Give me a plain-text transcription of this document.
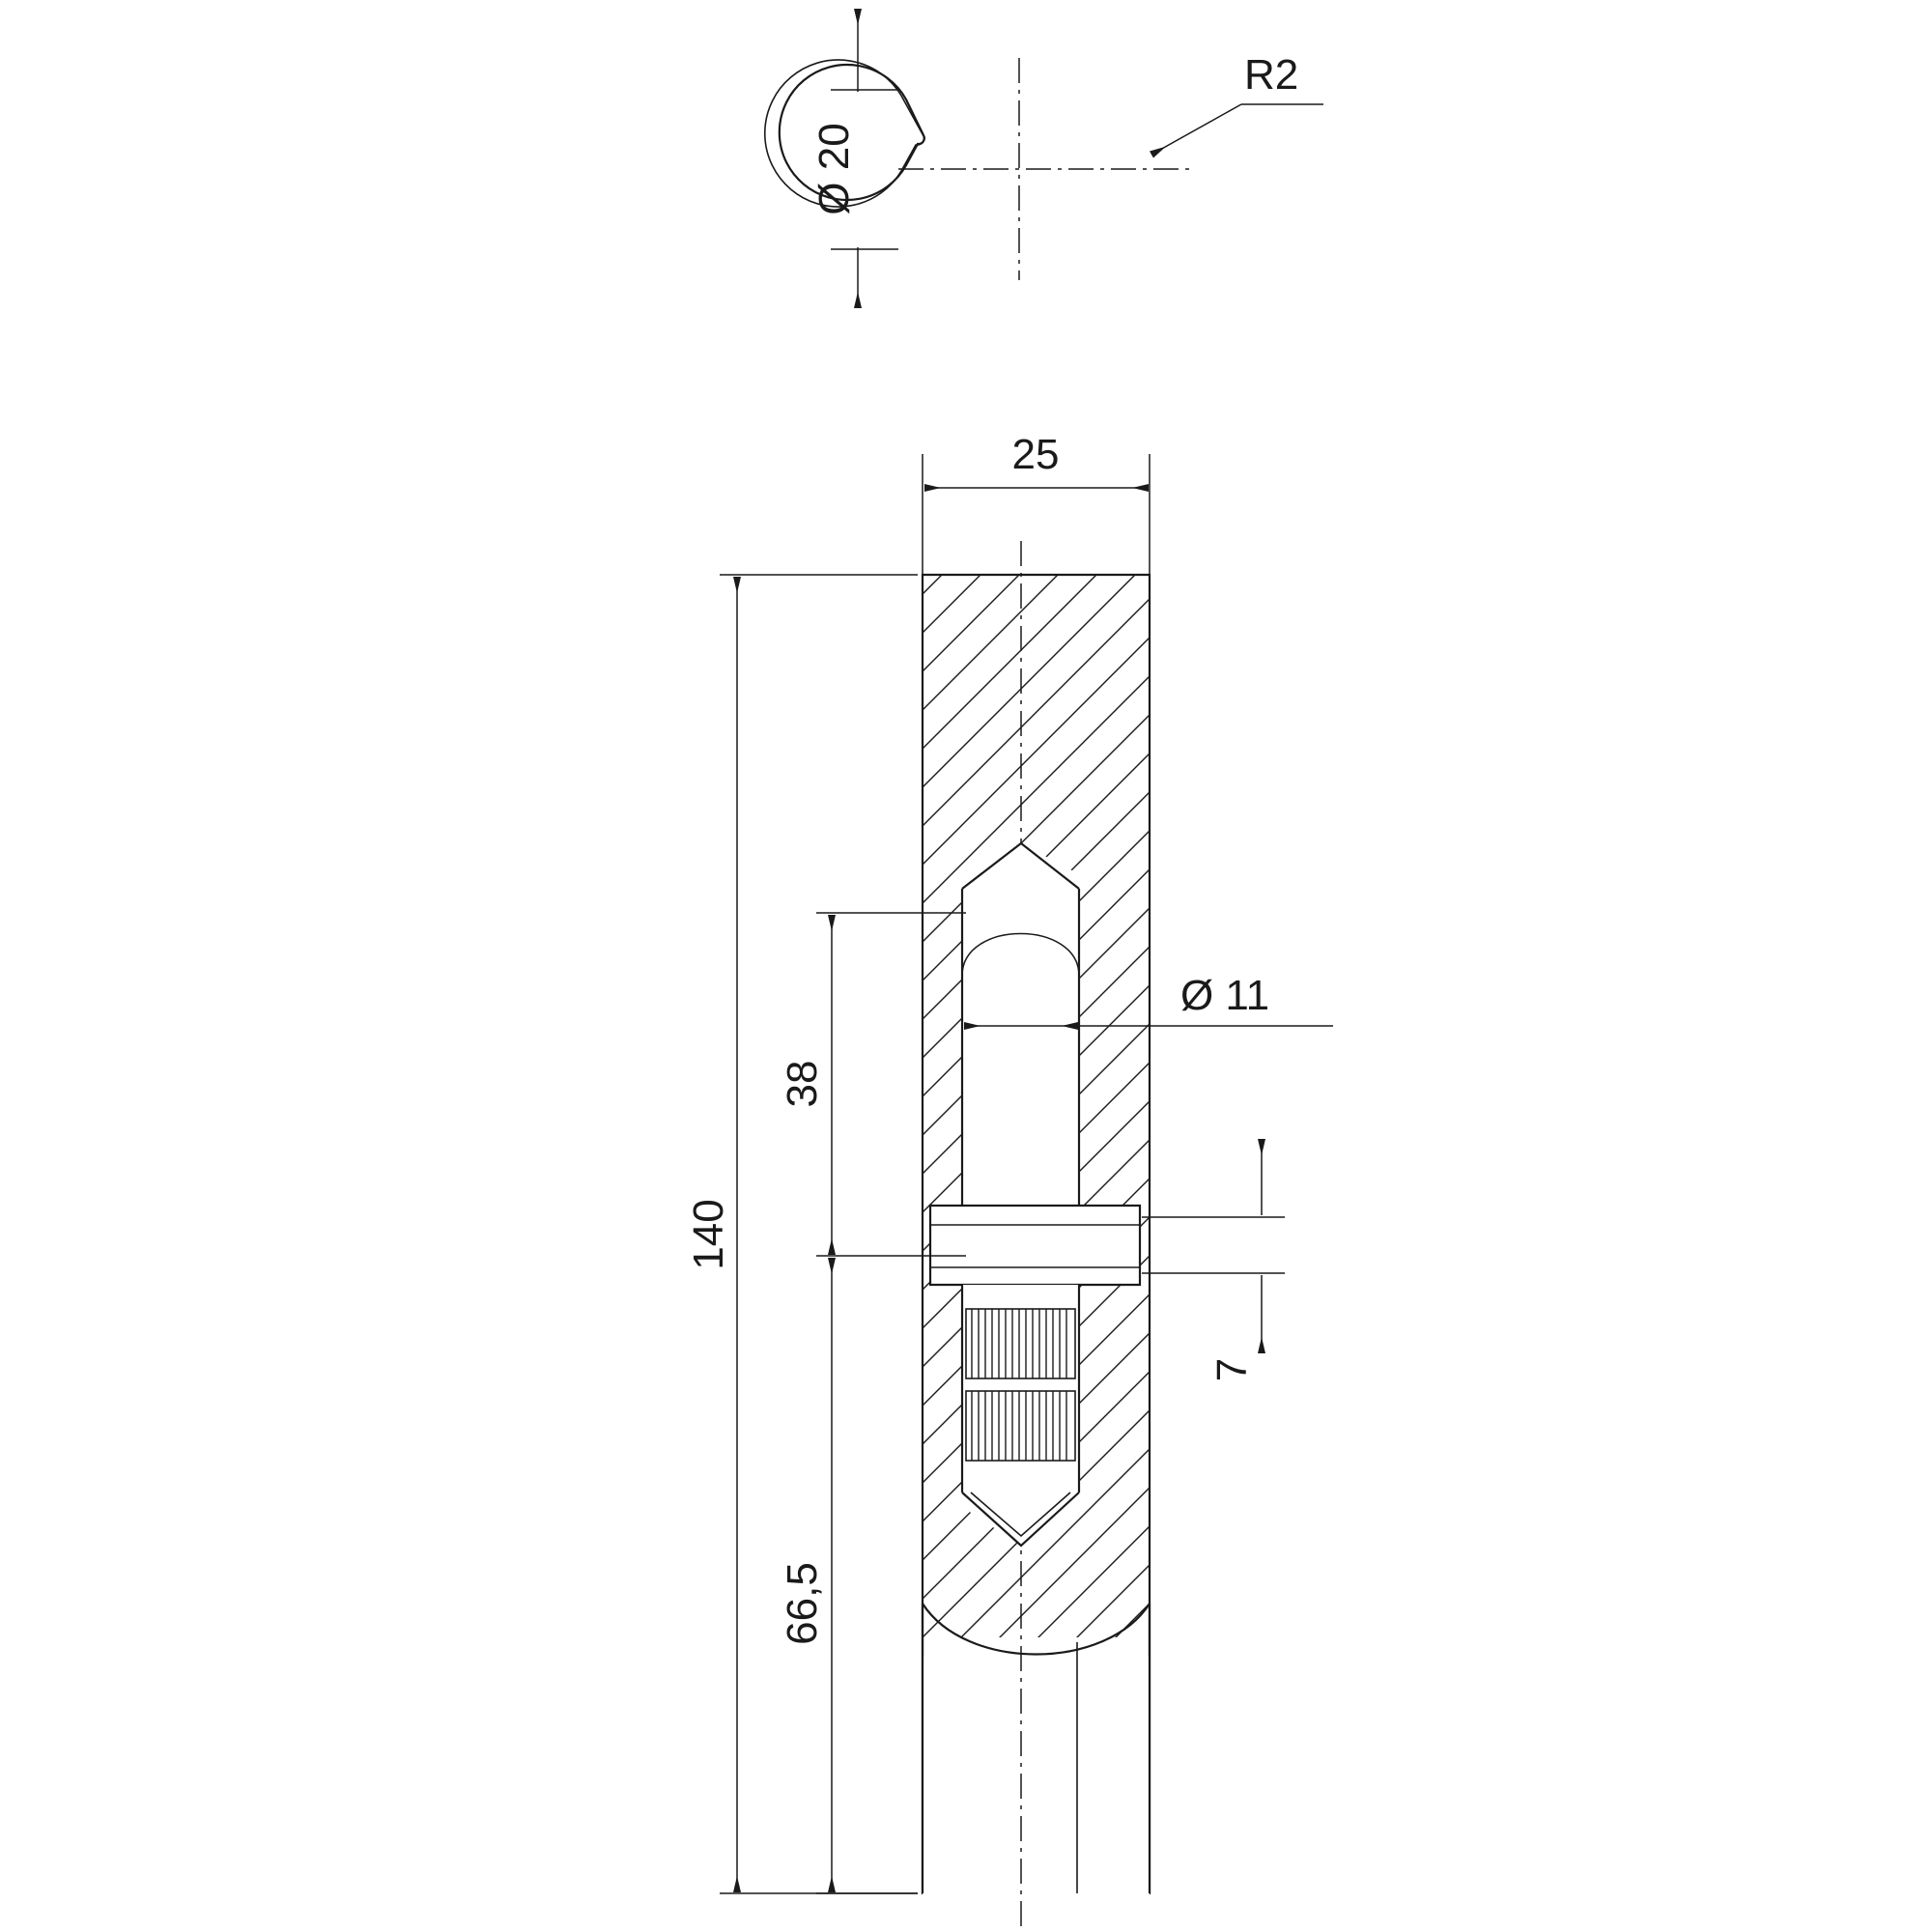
Ø 20
R2
25
140
38
66,5
Ø 11
7
